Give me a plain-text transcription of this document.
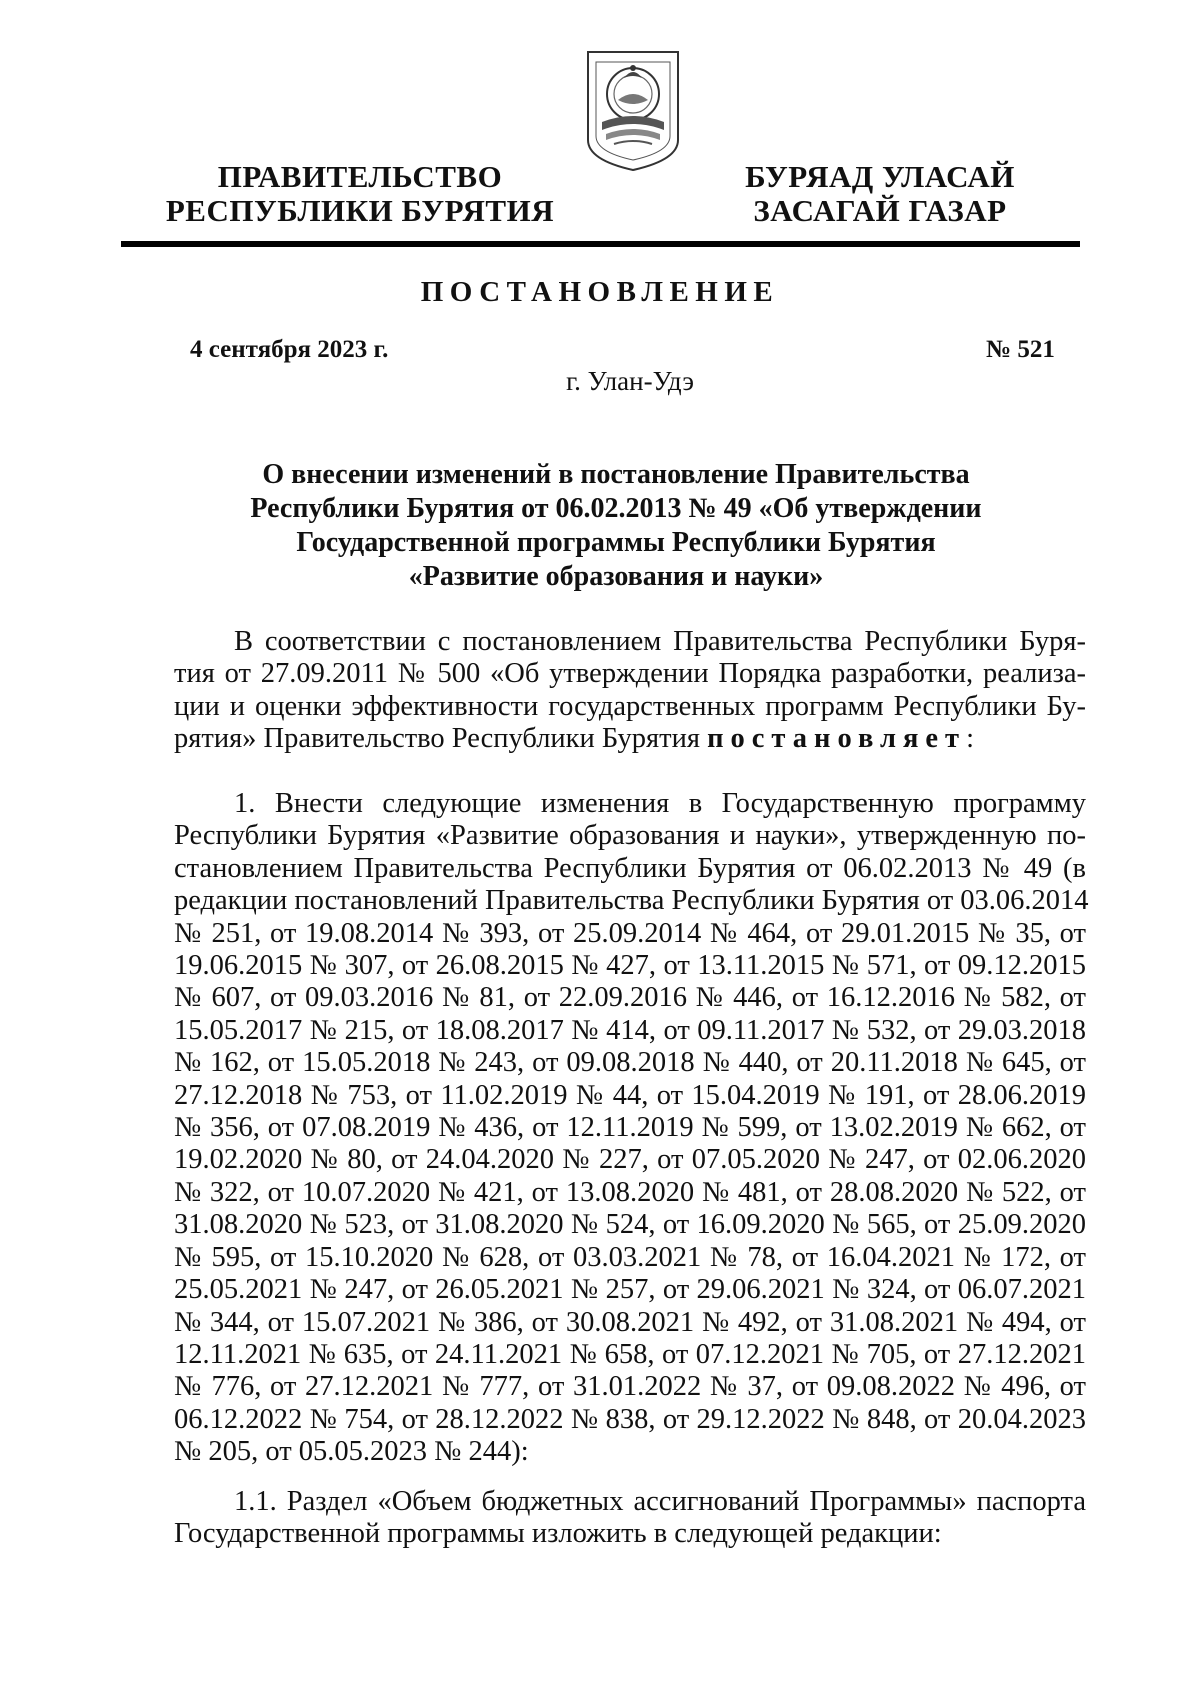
ПРАВИТЕЛЬСТВО
РЕСПУБЛИКИ БУРЯТИЯ
БУРЯАД УЛАСАЙ
ЗАСАГАЙ ГАЗАР
ПОСТАНОВЛЕНИЕ
4 сентября 2023 г.	№ 521
г. Улан-Удэ
О внесении изменений в постановление Правительства
Республики Бурятия от 06.02.2013 № 49 «Об утверждении
Государственной программы Республики Бурятия
«Развитие образования и науки»
В соответствии с постановлением Правительства Республики Буря-
тия от 27.09.2011 № 500 «Об утверждении Порядка разработки, реализа-
ции и оценки эффективности государственных программ Республики Бу-
рятия» Правительство Республики Бурятия постановляет:
1. Внести следующие изменения в Государственную программу
Республики Бурятия «Развитие образования и науки», утвержденную по-
становлением Правительства Республики Бурятия от 06.02.2013 № 49 (в
редакции постановлений Правительства Республики Бурятия от 03.06.2014
№ 251, от 19.08.2014 № 393, от 25.09.2014 № 464, от 29.01.2015 № 35, от
19.06.2015 № 307, от 26.08.2015 № 427, от 13.11.2015 № 571, от 09.12.2015
№ 607, от 09.03.2016 № 81, от 22.09.2016 № 446, от 16.12.2016 № 582, от
15.05.2017 № 215, от 18.08.2017 № 414, от 09.11.2017 № 532, от 29.03.2018
№ 162, от 15.05.2018 № 243, от 09.08.2018 № 440, от 20.11.2018 № 645, от
27.12.2018 № 753, от 11.02.2019 № 44, от 15.04.2019 № 191, от 28.06.2019
№ 356, от 07.08.2019 № 436, от 12.11.2019 № 599, от 13.02.2019 № 662, от
19.02.2020 № 80, от 24.04.2020 № 227, от 07.05.2020 № 247, от 02.06.2020
№ 322, от 10.07.2020 № 421, от 13.08.2020 № 481, от 28.08.2020 № 522, от
31.08.2020 № 523, от 31.08.2020 № 524, от 16.09.2020 № 565, от 25.09.2020
№ 595, от 15.10.2020 № 628, от 03.03.2021 № 78, от 16.04.2021 № 172, от
25.05.2021 № 247, от 26.05.2021 № 257, от 29.06.2021 № 324, от 06.07.2021
№ 344, от 15.07.2021 № 386, от 30.08.2021 № 492, от 31.08.2021 № 494, от
12.11.2021 № 635, от 24.11.2021 № 658, от 07.12.2021 № 705, от 27.12.2021
№ 776, от 27.12.2021 № 777, от 31.01.2022 № 37, от 09.08.2022 № 496, от
06.12.2022 № 754, от 28.12.2022 № 838, от 29.12.2022 № 848, от 20.04.2023
№ 205, от 05.05.2023 № 244):
1.1. Раздел «Объем бюджетных ассигнований Программы» паспорта
Государственной программы изложить в следующей редакции:
